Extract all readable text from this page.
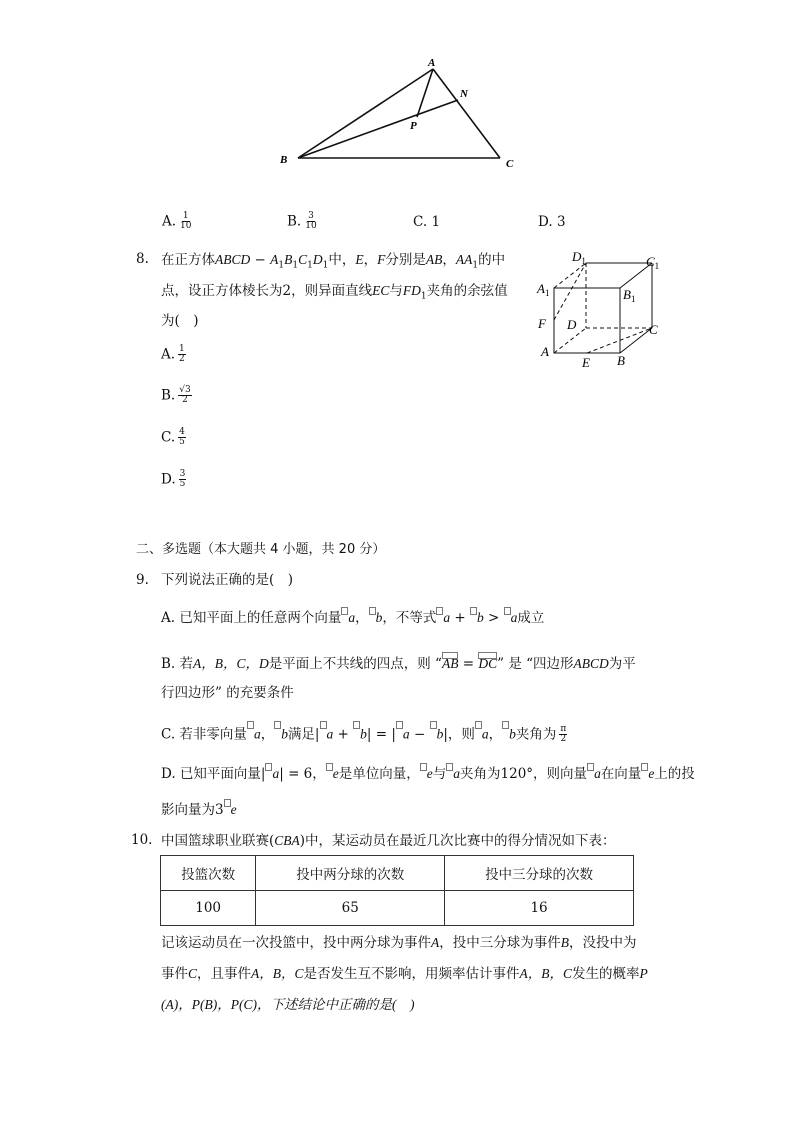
A
N
P
B	C
A. $\frac{1}{10}$	B. $\frac{3}{10}$	C. 1	D. 3
8. 在正方体ABCD − $A_1B_1C_1D_1$中，E，F分别是AB，$AA_1$的中
点，设正方体棱长为2，则异面直线EC与$FD_1$夹角的余弦值
为(　)
A. $\frac{1}{2}$
B. $\frac{√3}{2}$
C. $\frac{4}{5}$
D. $\frac{3}{5}$
$D_1$	$C_1$
$A_1$	$B_1$
F D	C
A
E B
二、多选题（本大题共 4 小题，共 20 分）
9. 下列说法正确的是(　)
A. 已知平面上的任意两个向量 a， b，不等式 a + b > a成立
B. 若A，B，C，D是平面上不共线的四点，则 “ AB = DC ” 是 “四边形ABCD为平
行四边形” 的充要条件
C. 若非零向量 a， b满足| a + b| = | a − b|，则 a， b夹角为 $\frac{\pi}{2}$
D. 已知平面向量| a| = 6， e是单位向量， e与 a夹角为120°，则向量 a在向量 e上的投
影向量为3 e
10. 中国篮球职业联赛(CBA)中，某运动员在最近几次比赛中的得分情况如下表：
投篮次数	投中两分球的次数	投中三分球的次数
100	65	16
记该运动员在一次投篮中，投中两分球为事件A，投中三分球为事件B，没投中为
事件C，且事件A，B，C是否发生互不影响，用频率估计事件A，B，C发生的概率P
(A)，P(B)，P(C)，下述结论中正确的是(　)
